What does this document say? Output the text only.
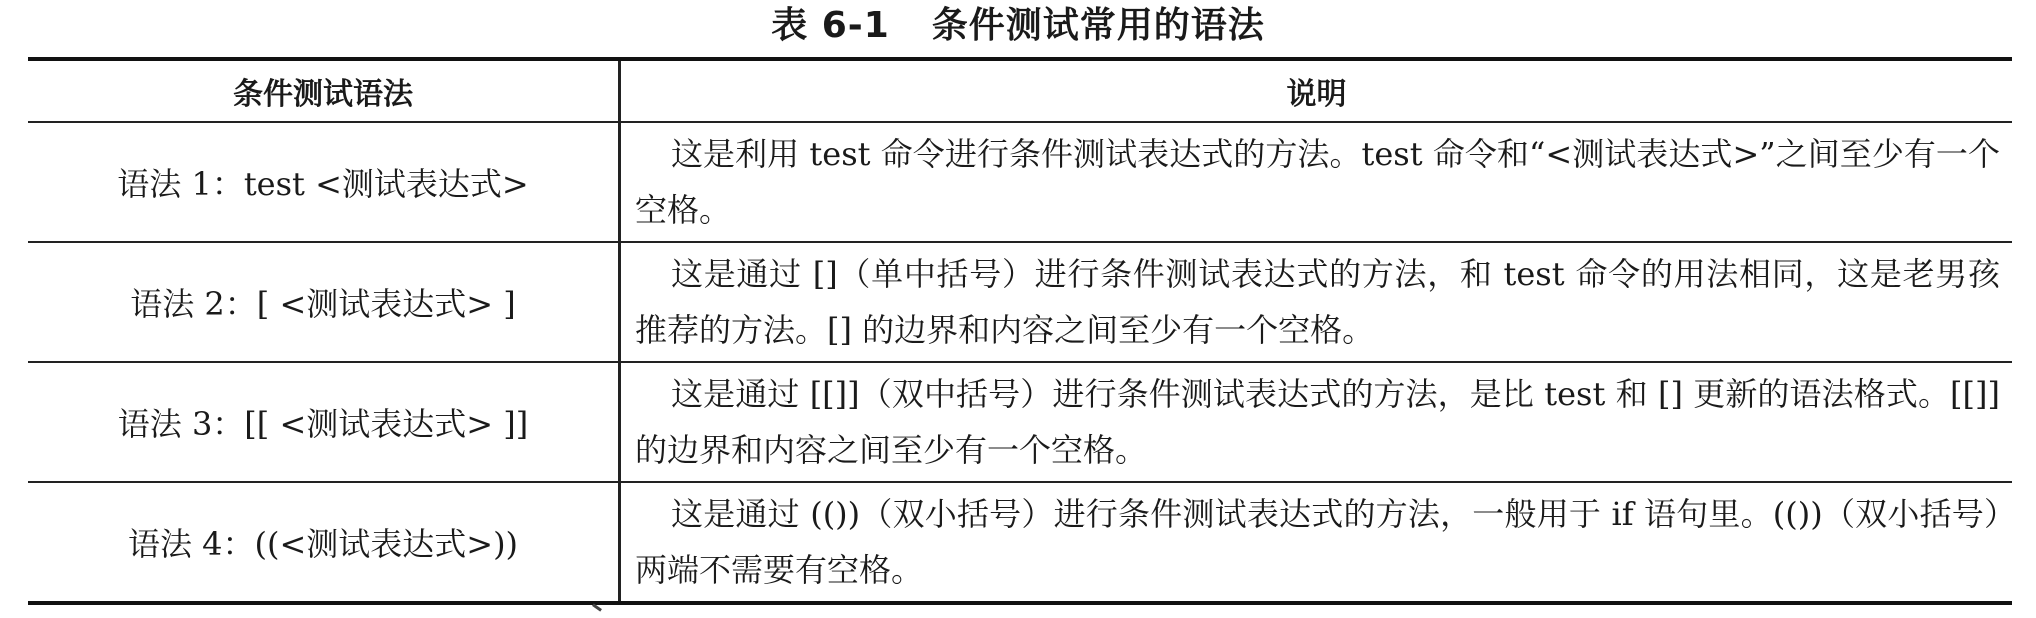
表 6-1 条件测试常用的语法
条件测试语法	说明
语法 1：test <测试表达式>	这是利用 test 命令进行条件测试表达式的方法。test 命令和“<测试表达式>”之间至少有一个空格。
语法 2：[ <测试表达式> ]	这是通过 []（单中括号）进行条件测试表达式的方法，和 test 命令的用法相同，这是老男孩推荐的方法。[] 的边界和内容之间至少有一个空格。
语法 3：[[ <测试表达式> ]]	这是通过 [[]]（双中括号）进行条件测试表达式的方法，是比 test 和 [] 更新的语法格式。[[]] 的边界和内容之间至少有一个空格。
语法 4：((<测试表达式>))	这是通过 (())（双小括号）进行条件测试表达式的方法，一般用于 if 语句里。(())（双小括号）两端不需要有空格。
